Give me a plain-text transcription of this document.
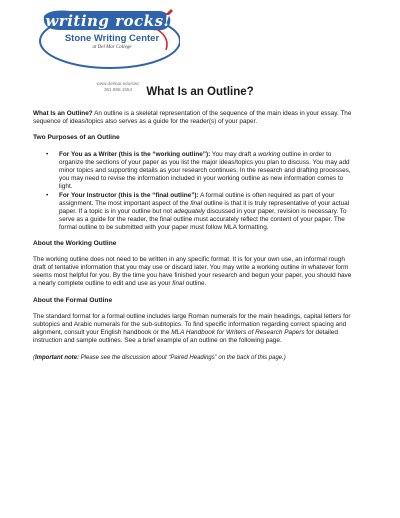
writing rocks!
Stone Writing Center
at Del Mar College
www.delmar.edu/swc
361.698.1554	What Is an Outline?

What Is an Outline? An outline is a skeletal representation of the sequence of the main ideas in your essay. The sequence of ideas/topics also serves as a guide for the reader(s) of your paper.

Two Purposes of an Outline
• For You as a Writer (this is the “working outline”): You may draft a working outline in order to organize the sections of your paper as you list the major ideas/topics you plan to discuss. You may add minor topics and supporting details as your research continues. In the research and drafting processes, you may need to revise the information included in your working outline as new information comes to light.
• For Your Instructor (this is the “final outline”): A formal outline is often required as part of your assignment. The most important aspect of the final outline is that it is truly representative of your actual paper. If a topic is in your outline but not adequately discussed in your paper, revision is necessary. To serve as a guide for the reader, the final outline must accurately reflect the content of your paper. The formal outline to be submitted with your paper must follow MLA formatting.
About the Working Outline

The working outline does not need to be written in any specific format. It is for your own use, an informal rough draft of tentative information that you may use or discard later. You may write a working outline in whatever form seems most helpful for you. By the time you have finished your research and begun your paper, you should have a nearly complete outline to edit and use as your final outline.

About the Formal Outline

The standard format for a formal outline includes large Roman numerals for the main headings, capital letters for subtopics and Arabic numerals for the sub-subtopics. To find specific information regarding correct spacing and alignment, consult your English handbook or the MLA Handbook for Writers of Research Papers for detailed instruction and sample outlines. See a brief example of an outline on the following page.

(Important note: Please see the discussion about “Paired Headings” on the back of this page.)
